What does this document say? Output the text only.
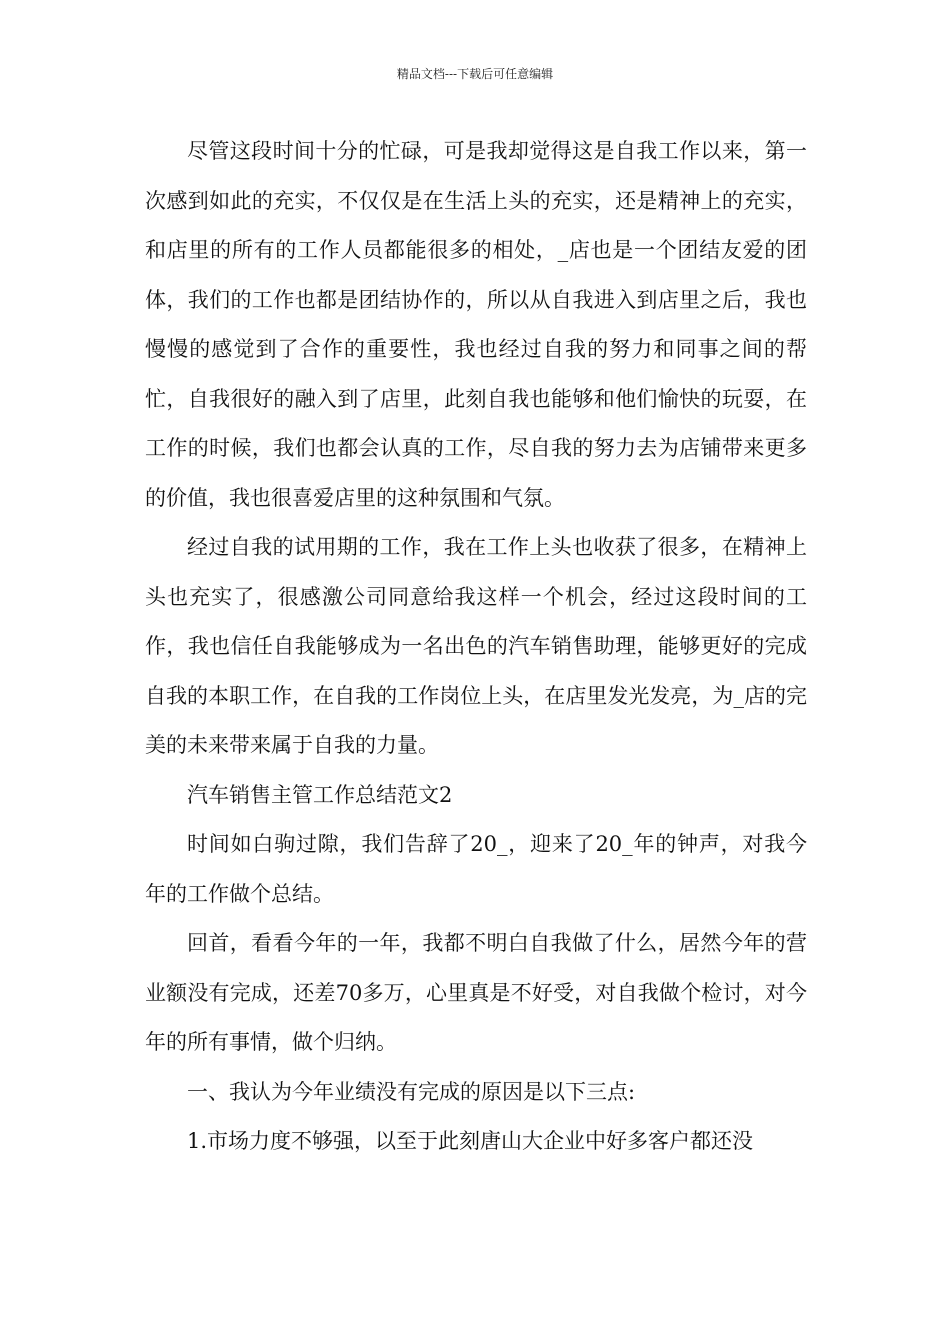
精品文档---下载后可任意编辑

尽管这段时间十分的忙碌，可是我却觉得这是自我工作以来，第一次感到如此的充实，不仅仅是在生活上头的充实，还是精神上的充实，和店里的所有的工作人员都能很多的相处，_店也是一个团结友爱的团体，我们的工作也都是团结协作的，所以从自我进入到店里之后，我也慢慢的感觉到了合作的重要性，我也经过自我的努力和同事之间的帮忙，自我很好的融入到了店里，此刻自我也能够和他们愉快的玩耍，在工作的时候，我们也都会认真的工作，尽自我的努力去为店铺带来更多的价值，我也很喜爱店里的这种氛围和气氛。

经过自我的试用期的工作，我在工作上头也收获了很多，在精神上头也充实了，很感激公司同意给我这样一个机会，经过这段时间的工作，我也信任自我能够成为一名出色的汽车销售助理，能够更好的完成自我的本职工作，在自我的工作岗位上头，在店里发光发亮，为_店的完美的未来带来属于自我的力量。

汽车销售主管工作总结范文2

时间如白驹过隙，我们告辞了20_，迎来了20_年的钟声，对我今年的工作做个总结。

回首，看看今年的一年，我都不明白自我做了什么，居然今年的营业额没有完成，还差70多万，心里真是不好受，对自我做个检讨，对今年的所有事情，做个归纳。

一、我认为今年业绩没有完成的原因是以下三点:

1.市场力度不够强，以至于此刻唐山大企业中好多客户都还没
